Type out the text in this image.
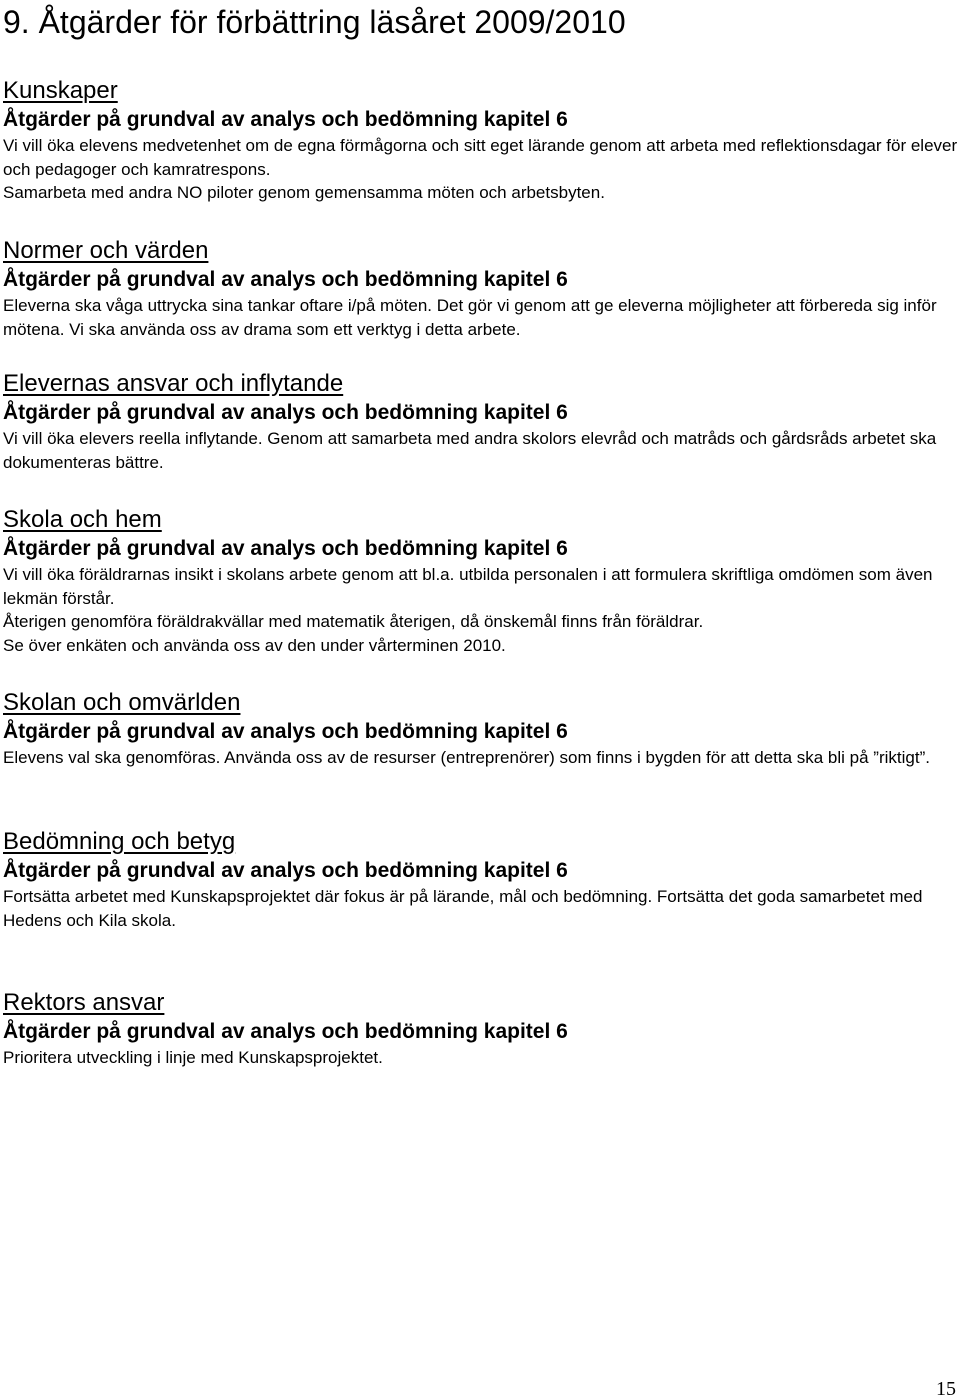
9. Åtgärder för förbättring läsåret 2009/2010
Kunskaper
Åtgärder på grundval av analys och bedömning kapitel 6

Vi vill öka elevens medvetenhet om de egna förmågorna och sitt eget lärande genom att arbeta med reflektionsdagar för elever och pedagoger och kamratrespons.

Samarbeta med andra NO piloter genom gemensamma möten och arbetsbyten.

Normer och värden
Åtgärder på grundval av analys och bedömning kapitel 6

Eleverna ska våga uttrycka sina tankar oftare i/på möten. Det gör vi genom att ge eleverna möjligheter att förbereda sig inför mötena. Vi ska använda oss av drama som ett verktyg i detta arbete.

Elevernas ansvar och inflytande
Åtgärder på grundval av analys och bedömning kapitel 6

Vi vill öka elevers reella inflytande. Genom att samarbeta med andra skolors elevråd och matråds och gårdsråds arbetet ska dokumenteras bättre.

Skola och hem
Åtgärder på grundval av analys och bedömning kapitel 6

Vi vill öka föräldrarnas insikt i skolans arbete genom att bl.a. utbilda personalen i att formulera skriftliga omdömen som även lekmän förstår.

Återigen genomföra föräldrakvällar med matematik återigen, då önskemål finns från föräldrar.

Se över enkäten och använda oss av den under vårterminen 2010.

Skolan och omvärlden
Åtgärder på grundval av analys och bedömning kapitel 6

Elevens val ska genomföras. Använda oss av de resurser (entreprenörer) som finns i bygden för att detta ska bli på ”riktigt”.

Bedömning och betyg
Åtgärder på grundval av analys och bedömning kapitel 6

Fortsätta arbetet med Kunskapsprojektet där fokus är på lärande, mål och bedömning. Fortsätta det goda samarbetet med Hedens och Kila skola.

Rektors ansvar
Åtgärder på grundval av analys och bedömning kapitel 6

Prioritera utveckling i linje med Kunskapsprojektet.

15
